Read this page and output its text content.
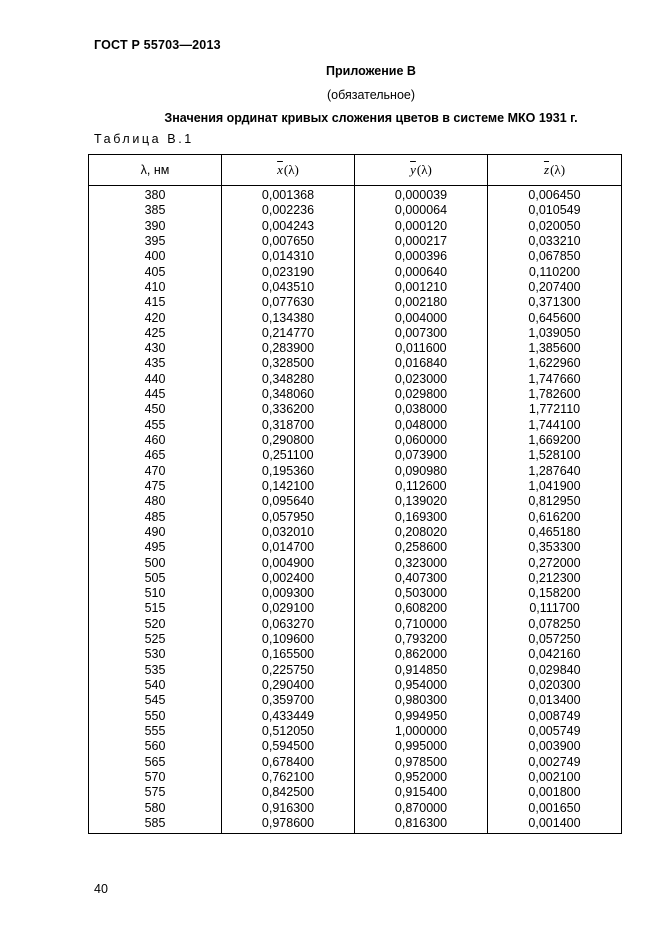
ГОСТ Р 55703—2013
Приложение В
(обязательное)
Значения ординат кривых сложения цветов в системе МКО 1931 г.
Таблица В.1
λ, нм	$\overline{x}$ (λ)	$\overline{y}$ (λ)	$\overline{z}$ (λ)
380	0,001368	0,000039	0,006450
385	0,002236	0,000064	0,010549
390	0,004243	0,000120	0,020050
395	0,007650	0,000217	0,033210
400	0,014310	0,000396	0,067850
405	0,023190	0,000640	0,110200
410	0,043510	0,001210	0,207400
415	0,077630	0,002180	0,371300
420	0,134380	0,004000	0,645600
425	0,214770	0,007300	1,039050
430	0,283900	0,011600	1,385600
435	0,328500	0,016840	1,622960
440	0,348280	0,023000	1,747660
445	0,348060	0,029800	1,782600
450	0,336200	0,038000	1,772110
455	0,318700	0,048000	1,744100
460	0,290800	0,060000	1,669200
465	0,251100	0,073900	1,528100
470	0,195360	0,090980	1,287640
475	0,142100	0,112600	1,041900
480	0,095640	0,139020	0,812950
485	0,057950	0,169300	0,616200
490	0,032010	0,208020	0,465180
495	0,014700	0,258600	0,353300
500	0,004900	0,323000	0,272000
505	0,002400	0,407300	0,212300
510	0,009300	0,503000	0,158200
515	0,029100	0,608200	0,111700
520	0,063270	0,710000	0,078250
525	0,109600	0,793200	0,057250
530	0,165500	0,862000	0,042160
535	0,225750	0,914850	0,029840
540	0,290400	0,954000	0,020300
545	0,359700	0,980300	0,013400
550	0,433449	0,994950	0,008749
555	0,512050	1,000000	0,005749
560	0,594500	0,995000	0,003900
565	0,678400	0,978500	0,002749
570	0,762100	0,952000	0,002100
575	0,842500	0,915400	0,001800
580	0,916300	0,870000	0,001650
585	0,978600	0,816300	0,001400
40
